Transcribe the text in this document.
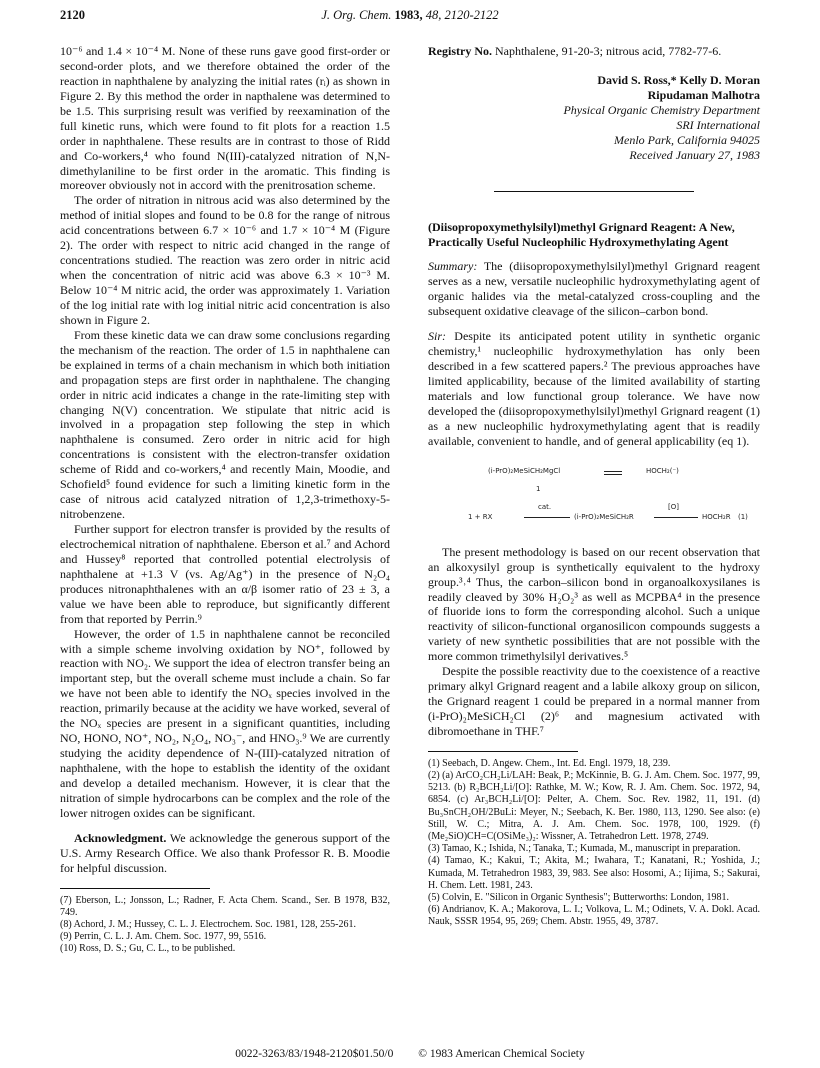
2120	J. Org. Chem. 1983, 48, 2120-2122

10⁻⁶ and 1.4 × 10⁻⁴ M. None of these runs gave good first-order or second-order plots, and we therefore obtained the order of the reaction in naphthalene by analyzing the initial rates (rᵢ) as shown in Figure 2. By this method the order in napthalene was determined to be 1.5. This surprising result was verified by reexamination of the full kinetic runs, which were found to fit plots for a reaction 1.5 order in naphthalene. These results are in contrast to those of Ridd and Co-workers,⁴ who found N(III)-catalyzed nitration of N,N-dimethylaniline to be first order in the aromatic. This finding is moreover obviously not in accord with the prenitrosation scheme.

The order of nitration in nitrous acid was also determined by the method of initial slopes and found to be 0.8 for the range of nitrous acid concentrations between 6.7 × 10⁻⁶ and 1.7 × 10⁻⁴ M (Figure 2). The order with respect to nitric acid changed in the range of concentrations studied. The reaction was zero order in nitric acid when the concentration of nitric acid was above 6.3 × 10⁻³ M. Below 10⁻⁴ M nitric acid, the order was approximately 1. Variation of the log initial rate with log initial nitric acid concentration is also shown in Figure 2.

From these kinetic data we can draw some conclusions regarding the mechanism of the reaction. The order of 1.5 in naphthalene can be explained in terms of a chain mechanism in which both initiation and propagation steps are first order in naphthalene. The changing order in nitric acid indicates a change in the rate-limiting step with changing N(V) concentration. We stipulate that nitric acid is involved in a propagation step following the step in which naphthalene is consumed. Zero order in nitric acid for high concentrations is consistent with the electron-transfer oxidation scheme of Ridd and co-workers,⁴ and recently Main, Moodie, and Schofield⁵ found evidence for such a limiting kinetic form in the case of nitrous acid catalyzed nitration of 1,2,3-trimethoxy-5-nitrobenzene.

Further support for electron transfer is provided by the results of electrochemical nitration of naphthalene. Eberson et al.⁷ and Achord and Hussey⁸ reported that controlled potential electrolysis of naphthalene at +1.3 V (vs. Ag/Ag⁺) in the presence of N₂O₄ produces nitronaphthalenes with an α/β isomer ratio of 23 ± 3, a value we have been able to reproduce, but significantly different from that reported by Perrin.⁹

However, the order of 1.5 in naphthalene cannot be reconciled with a simple scheme involving oxidation by NO⁺, followed by reaction with NO₂. We support the idea of electron transfer being an important step, but the overall scheme must include a chain. So far we have not been able to identify the NOₓ species involved in the reaction, primarily because at the acidity we have worked, several of the NOₓ species are present in a significant quantities, including NO, HONO, NO⁺, NO₂, N₂O₄, NO₃⁻, and HNO₃.⁹ We are currently studying the acidity dependence of N-(III)-catalyzed nitration of naphthalene, with the hope to establish the identity of the oxidant and develop a detailed mechanism. However, it is clear that the nitration of simple hydrocarbons can be complex and the role of the lower nitrogen oxides can be significant.

Acknowledgment. We acknowledge the generous support of the U.S. Army Research Office. We also thank Professor R. B. Moodie for helpful discussion.

(7) Eberson, L.; Jonsson, L.; Radner, F. Acta Chem. Scand., Ser. B 1978, B32, 749.

(8) Achord, J. M.; Hussey, C. L. J. Electrochem. Soc. 1981, 128, 255-261.

(9) Perrin, C. L. J. Am. Chem. Soc. 1977, 99, 5516.

(10) Ross, D. S.; Gu, C. L., to be published.

Registry No. Naphthalene, 91-20-3; nitrous acid, 7782-77-6.

David S. Ross,* Kelly D. Moran
Ripudaman Malhotra
Physical Organic Chemistry Department
SRI International
Menlo Park, California 94025
Received January 27, 1983
(Diisopropoxymethylsilyl)methyl Grignard Reagent: A New, Practically Useful Nucleophilic Hydroxymethylating Agent

Summary: The (diisopropoxymethylsilyl)methyl Grignard reagent serves as a new, versatile nucleophilic hydroxymethylating agent of organic halides via the metal-catalyzed cross-coupling and the subsequent oxidative cleavage of the silicon–carbon bond.

Sir: Despite its anticipated potent utility in synthetic organic chemistry,¹ nucleophilic hydroxymethylation has only been described in a few scattered papers.² The previous approaches have limited applicability, because of the limited availability of starting materials and low functional group tolerance. We have now developed the (diisopropoxymethylsilyl)methyl Grignard reagent (1) as a new nucleophilic hydroxymethylating agent that is readily available, convenient to handle, and of general applicability (eq 1).

(i-PrO)₂MeSiCH₂MgCl	HOCH₂(⁻)
1
1 + RX
cat.
(i-PrO)₂MeSiCH₂R
[O]
HOCH₂R (1)

The present methodology is based on our recent observation that an alkoxysilyl group is synthetically equivalent to the hydroxy group.³˒⁴ Thus, the carbon–silicon bond in organoalkoxysilanes is readily cleaved by 30% H₂O₂³ as well as MCPBA⁴ in the presence of fluoride ions to form the corresponding alcohol. Such a unique reactivity of silicon-functional organosilicon compounds suggests a variety of new synthetic possibilities that are not possible with the more common trimethylsilyl derivatives.⁵

Despite the possible reactivity due to the coexistence of a reactive primary alkyl Grignard reagent and a labile alkoxy group on silicon, the Grignard reagent 1 could be prepared in a normal manner from (i-PrO)₂MeSiCH₂Cl (2)⁶ and magnesium activated with dibromoethane in THF.⁷

(1) Seebach, D. Angew. Chem., Int. Ed. Engl. 1979, 18, 239.

(2) (a) ArCO₂CH₂Li/LAH: Beak, P.; McKinnie, B. G. J. Am. Chem. Soc. 1977, 99, 5213. (b) R₂BCH₂Li/[O]: Rathke, M. W.; Kow, R. J. Am. Chem. Soc. 1972, 94, 6854. (c) Ar₃BCH₂Li/[O]: Pelter, A. Chem. Soc. Rev. 1982, 11, 191. (d) Bu₃SnCH₂OH/2BuLi: Meyer, N.; Seebach, K. Ber. 1980, 113, 1290. See also: (e) Still, W. C.; Mitra, A. J. Am. Chem. Soc. 1978, 100, 1929. (f) (Me₂SiO)CH=C(OSiMe₃)₂: Wissner, A. Tetrahedron Lett. 1978, 2749.

(3) Tamao, K.; Ishida, N.; Tanaka, T.; Kumada, M., manuscript in preparation.

(4) Tamao, K.; Kakui, T.; Akita, M.; Iwahara, T.; Kanatani, R.; Yoshida, J.; Kumada, M. Tetrahedron 1983, 39, 983. See also: Hosomi, A.; Iijima, S.; Sakurai, H. Chem. Lett. 1981, 243.

(5) Colvin, E. "Silicon in Organic Synthesis"; Butterworths: London, 1981.

(6) Andrianov, K. A.; Makorova, L. I.; Volkova, L. M.; Odinets, V. A. Dokl. Acad. Nauk, SSSR 1954, 95, 269; Chem. Abstr. 1955, 49, 3787.

0022-3263/83/1948-2120$01.50/0 © 1983 American Chemical Society
